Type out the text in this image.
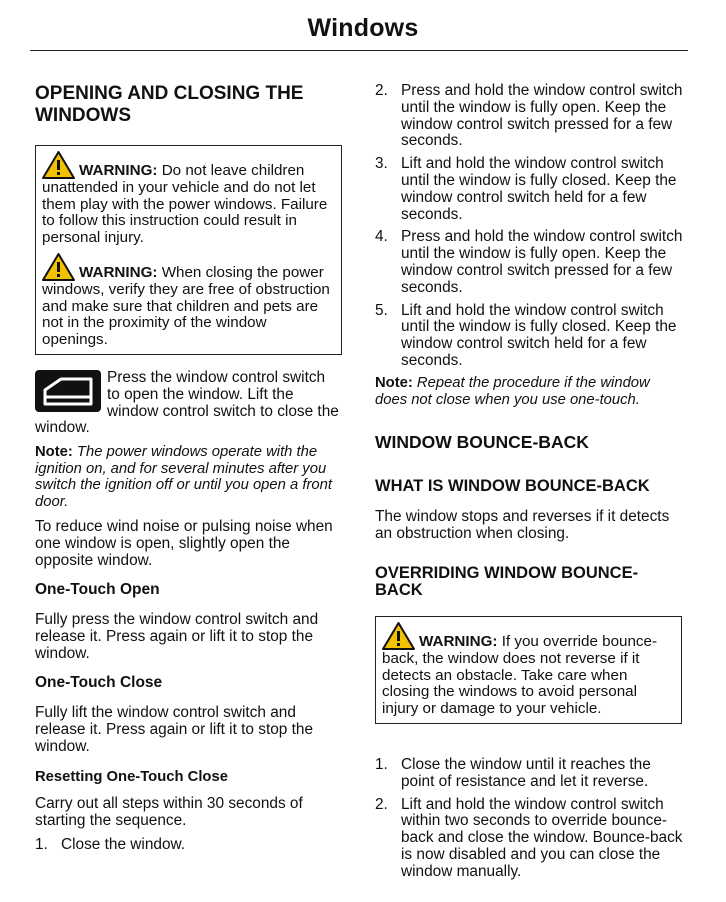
Windows
OPENING AND CLOSING THE WINDOWS

WARNING: Do not leave children unattended in your vehicle and do not let them play with the power windows. Failure to follow this instruction could result in personal injury.

WARNING: When closing the power windows, verify they are free of obstruction and make sure that children and pets are not in the proximity of the window openings.

Press the window control switch to open the window. Lift the window control switch to close the window.

Note: The power windows operate with the ignition on, and for several minutes after you switch the ignition off or until you open a front door.

To reduce wind noise or pulsing noise when one window is open, slightly open the opposite window.

One-Touch Open

Fully press the window control switch and release it. Press again or lift it to stop the window.

One-Touch Close

Fully lift the window control switch and release it. Press again or lift it to stop the window.

Resetting One-Touch Close

Carry out all steps within 30 seconds of starting the sequence.

1. Close the window.
2. Press and hold the window control switch until the window is fully open. Keep the window control switch pressed for a few seconds.
3. Lift and hold the window control switch until the window is fully closed. Keep the window control switch held for a few seconds.
4. Press and hold the window control switch until the window is fully open. Keep the window control switch pressed for a few seconds.
5. Lift and hold the window control switch until the window is fully closed. Keep the window control switch held for a few seconds.

Note: Repeat the procedure if the window does not close when you use one-touch.

WINDOW BOUNCE-BACK
WHAT IS WINDOW BOUNCE-BACK

The window stops and reverses if it detects an obstruction when closing.

OVERRIDING WINDOW BOUNCE-BACK

WARNING: If you override bounce-back, the window does not reverse if it detects an obstacle. Take care when closing the windows to avoid personal injury or damage to your vehicle.

1. Close the window until it reaches the point of resistance and let it reverse.
2. Lift and hold the window control switch within two seconds to override bounce-back and close the window. Bounce-back is now disabled and you can close the window manually.
